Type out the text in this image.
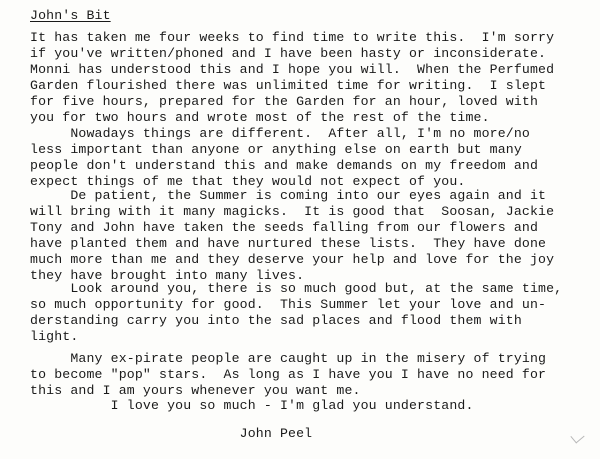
John's Bit
It has taken me four weeks to find time to write this.  I'm sorry
if you've written/phoned and I have been hasty or inconsiderate.
Monni has understood this and I hope you will.  When the Perfumed
Garden flourished there was unlimited time for writing.  I slept
for five hours, prepared for the Garden for an hour, loved with
you for two hours and wrote most of the rest of the time.
Nowadays things are different.  After all, I'm no more/no
less important than anyone or anything else on earth but many
people don't understand this and make demands on my freedom and
expect things of me that they would not expect of you.
De patient, the Summer is coming into our eyes again and it
will bring with it many magicks.  It is good that  Soosan, Jackie
Tony and John have taken the seeds falling from our flowers and
have planted them and have nurtured these lists.  They have done
much more than me and they deserve your help and love for the joy
they have brought into many lives.
Look around you, there is so much good but, at the same time,
so much opportunity for good.  This Summer let your love and un-
derstanding carry you into the sad places and flood them with
light.
Many ex-pirate people are caught up in the misery of trying
to become "pop" stars.  As long as I have you I have no need for
this and I am yours whenever you want me.
I love you so much - I'm glad you understand.
John Peel
